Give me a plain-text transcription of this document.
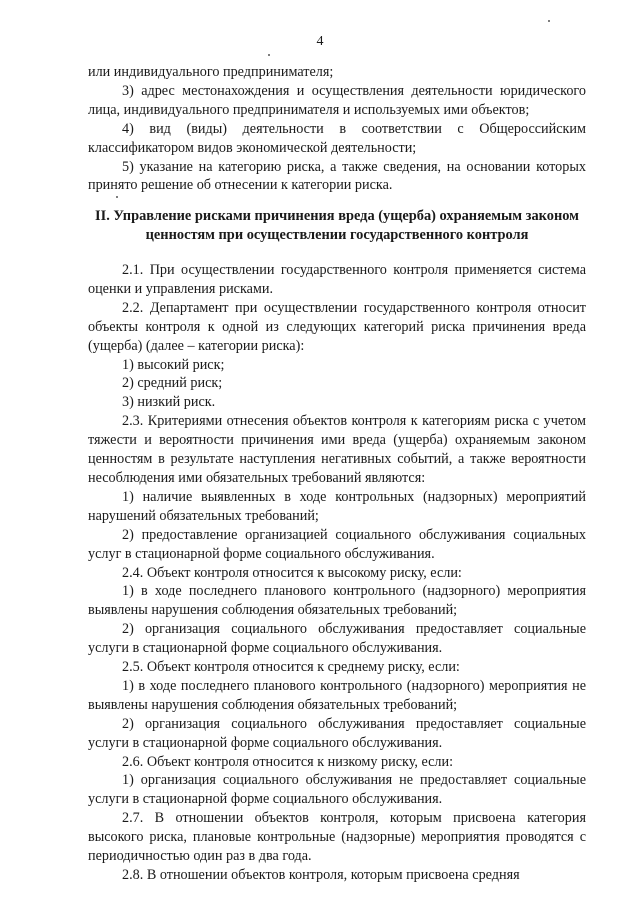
4

или индивидуального предпринимателя;

3) адрес местонахождения и осуществления деятельности юридического лица, индивидуального предпринимателя и используемых ими объектов;

4) вид (виды) деятельности в соответствии с Общероссийским классификатором видов экономической деятельности;

5) указание на категорию риска, а также сведения, на основании которых принято решение об отнесении к категории риска.

II. Управление рисками причинения вреда (ущерба) охраняемым законом ценностям при осуществлении государственного контроля

2.1. При осуществлении государственного контроля применяется система оценки и управления рисками.

2.2. Департамент при осуществлении государственного контроля относит объекты контроля к одной из следующих категорий риска причинения вреда (ущерба) (далее – категории риска):

1) высокий риск;

2) средний риск;

3) низкий риск.

2.3. Критериями отнесения объектов контроля к категориям риска с учетом тяжести и вероятности причинения ими вреда (ущерба) охраняемым законом ценностям в результате наступления негативных событий, а также вероятности несоблюдения ими обязательных требований являются:

1) наличие выявленных в ходе контрольных (надзорных) мероприятий нарушений обязательных требований;

2) предоставление организацией социального обслуживания социальных услуг в стационарной форме социального обслуживания.

2.4. Объект контроля относится к высокому риску, если:

1) в ходе последнего планового контрольного (надзорного) мероприятия выявлены нарушения соблюдения обязательных требований;

2) организация социального обслуживания предоставляет социальные услуги в стационарной форме социального обслуживания.

2.5. Объект контроля относится к среднему риску, если:

1) в ходе последнего планового контрольного (надзорного) мероприятия не выявлены нарушения соблюдения обязательных требований;

2) организация социального обслуживания предоставляет социальные услуги в стационарной форме социального обслуживания.

2.6. Объект контроля относится к низкому риску, если:

1) организация социального обслуживания не предоставляет социальные услуги в стационарной форме социального обслуживания.

2.7. В отношении объектов контроля, которым присвоена категория высокого риска, плановые контрольные (надзорные) мероприятия проводятся с периодичностью один раз в два года.

2.8. В отношении объектов контроля, которым присвоена средняя
